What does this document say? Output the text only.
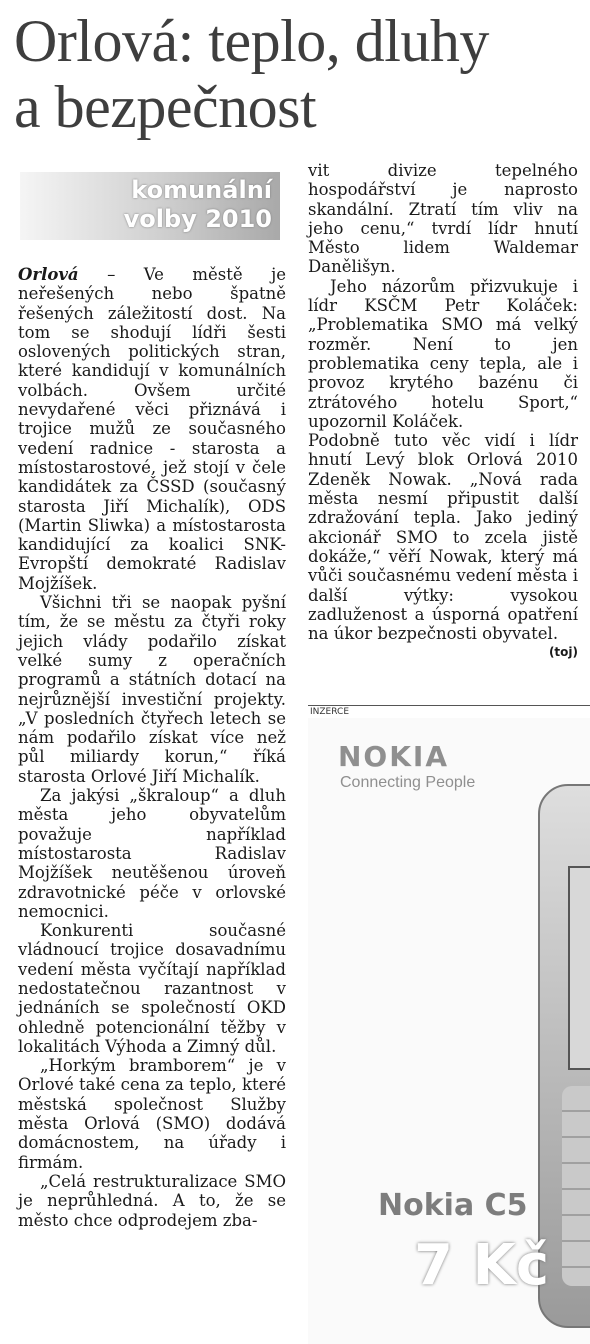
Orlová: teplo, dluhy
a bezpečnost
komunální
volby 2010

Orlová – Ve městě je neřešených nebo špatně řešených záležitostí dost. Na tom se shodují lídři šesti oslovených politických stran, které kandidují v komunálních volbách. Ovšem určité nevydařené věci přiznává i trojice mužů ze současného vedení radnice - starosta a místostarostové, jež stojí v čele kandidátek za ČSSD (současný starosta Jiří Michalík), ODS (Martin Sliwka) a místostarosta kandidující za koalici SNK-Evropští demokraté Radislav Mojžíšek.

Všichni tři se naopak pyšní tím, že se městu za čtyři roky jejich vlády podařilo získat velké sumy z operačních programů a státních dotací na nejrůznější investiční projekty. „V posledních čtyřech letech se nám podařilo získat více než půl miliardy korun,“ říká starosta Orlové Jiří Michalík.

Za jakýsi „škraloup“ a dluh města jeho obyvatelům považuje například místostarosta Radislav Mojžíšek neutěšenou úroveň zdravotnické péče v orlovské nemocnici.

Konkurenti současné vládnoucí trojice dosavadnímu vedení města vyčítají například nedostatečnou razantnost v jednáních se společností OKD ohledně potencionální těžby v lokalitách Výhoda a Zimný důl.

„Horkým bramborem“ je v Orlové také cena za teplo, které městská společnost Služby města Orlová (SMO) dodává domácnostem, na úřady i firmám.

„Celá restrukturalizace SMO je neprůhledná. A to, že se město chce odprodejem zba-

vit divize tepelného hospodářství je naprosto skandální. Ztratí tím vliv na jeho cenu,“ tvrdí lídr hnutí Město lidem Waldemar Danělišyn.

Jeho názorům přizvukuje i lídr KSČM Petr Koláček: „Problematika SMO má velký rozměr. Není to jen problematika ceny tepla, ale i provoz krytého bazénu či ztrátového hotelu Sport,“ upozornil Koláček.

Podobně tuto věc vidí i lídr hnutí Levý blok Orlová 2010 Zdeněk Nowak. „Nová rada města nesmí připustit další zdražování tepla. Jako jediný akcionář SMO to zcela jistě dokáže,“ věří Nowak, který má vůči současnému vedení města i další výtky: vysokou zadluženost a úsporná opatření na úkor bezpečnosti obyvatel.
(toj)

INZERCE
NOKIA
Connecting People
Nokia C5
7 Kč
